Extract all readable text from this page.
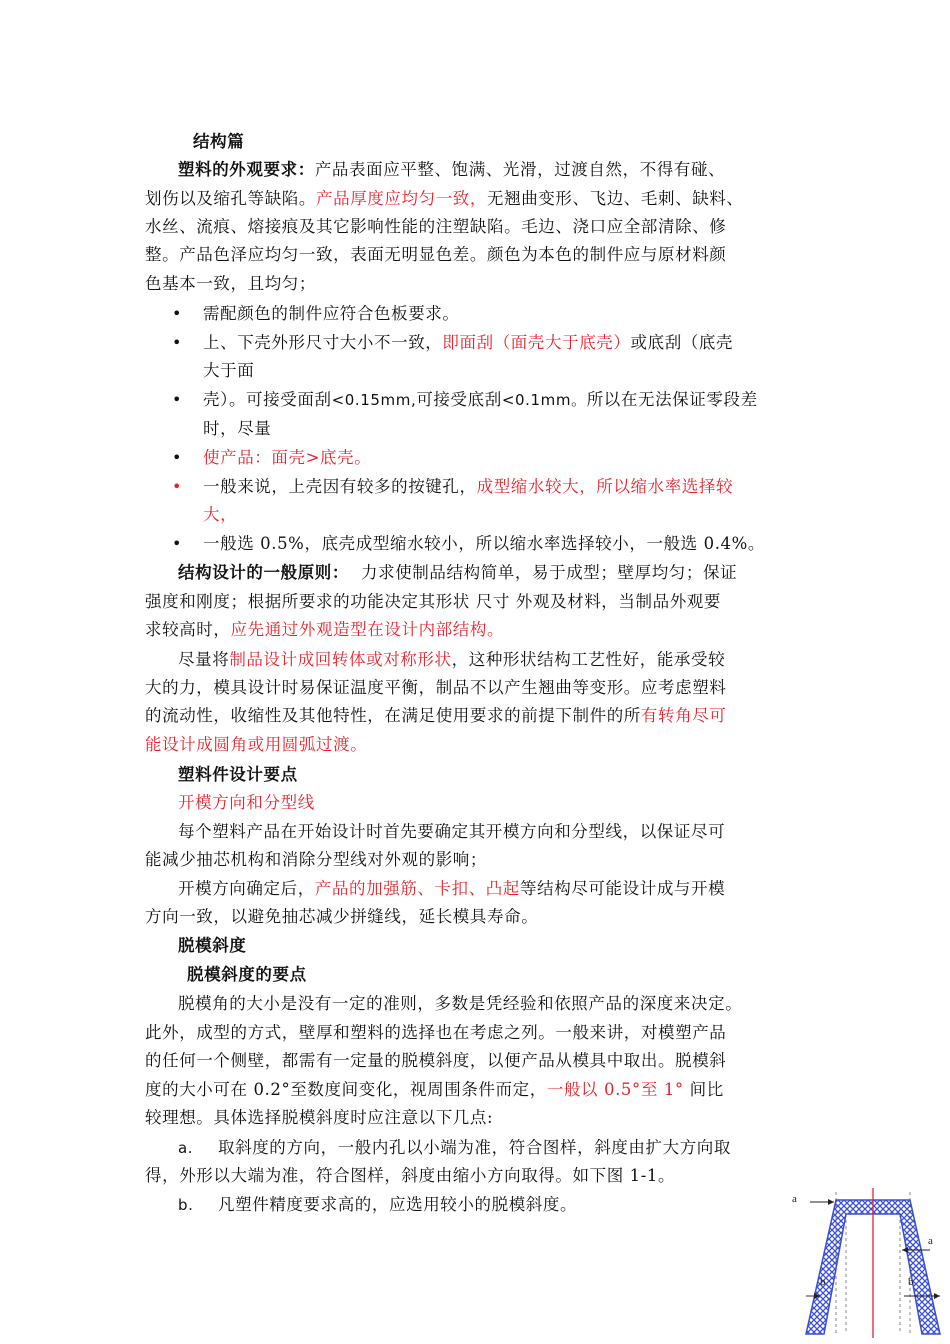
结构篇
塑料的外观要求：产品表面应平整、饱满、光滑，过渡自然，不得有碰、
划伤以及缩孔等缺陷。产品厚度应均匀一致，无翘曲变形、飞边、毛刺、缺料、
水丝、流痕、熔接痕及其它影响性能的注塑缺陷。毛边、浇口应全部清除、修
整。产品色泽应均匀一致，表面无明显色差。颜色为本色的制件应与原材料颜
色基本一致，且均匀；
• 需配颜色的制件应符合色板要求。
• 上、下壳外形尺寸大小不一致，即面刮（面壳大于底壳）或底刮（底壳
大于面
• 壳）。可接受面刮<0.15mm,可接受底刮<0.1mm。所以在无法保证零段差
时，尽量
• 使产品：面壳>底壳。
• 一般来说，上壳因有较多的按键孔，成型缩水较大，所以缩水率选择较
大，
• 一般选 0.5%，底壳成型缩水较小，所以缩水率选择较小，一般选 0.4%。
结构设计的一般原则： 力求使制品结构简单，易于成型；壁厚均匀；保证
强度和刚度；根据所要求的功能决定其形状 尺寸 外观及材料，当制品外观要
求较高时，应先通过外观造型在设计内部结构。
尽量将制品设计成回转体或对称形状，这种形状结构工艺性好，能承受较
大的力，模具设计时易保证温度平衡，制品不以产生翘曲等变形。应考虑塑料
的流动性，收缩性及其他特性，在满足使用要求的前提下制件的所有转角尽可
能设计成圆角或用圆弧过渡。
塑料件设计要点
开模方向和分型线
每个塑料产品在开始设计时首先要确定其开模方向和分型线，以保证尽可
能减少抽芯机构和消除分型线对外观的影响；
开模方向确定后，产品的加强筋、卡扣、凸起等结构尽可能设计成与开模
方向一致，以避免抽芯减少拼缝线，延长模具寿命。
脱模斜度
脱模斜度的要点
脱模角的大小是没有一定的准则，多数是凭经验和依照产品的深度来决定。
此外，成型的方式，壁厚和塑料的选择也在考虑之列。一般来讲，对模塑产品
的任何一个侧壁，都需有一定量的脱模斜度，以便产品从模具中取出。脱模斜
度的大小可在 0.2°至数度间变化，视周围条件而定，一般以 0.5°至 1° 间比
较理想。具体选择脱模斜度时应注意以下几点:
a.	取斜度的方向，一般内孔以小端为准，符合图样，斜度由扩大方向取
得，外形以大端为准，符合图样，斜度由缩小方向取得。如下图 1-1。
b.	凡塑件精度要求高的，应选用较小的脱模斜度。	a
a
b	b
